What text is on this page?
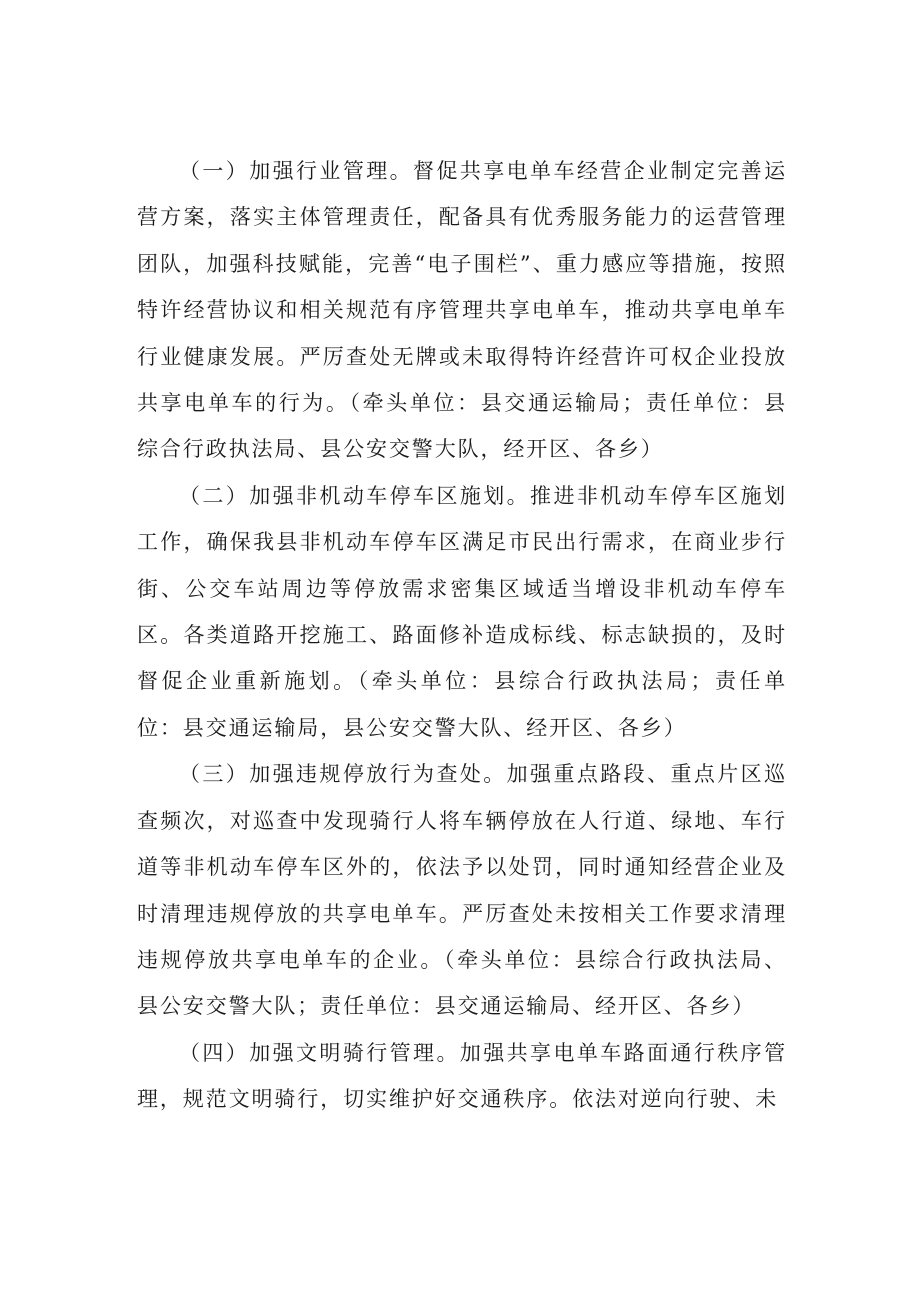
（一）加强行业管理。督促共享电单车经营企业制定完善运营方案，落实主体管理责任，配备具有优秀服务能力的运营管理团队，加强科技赋能，完善“电子围栏”、重力感应等措施，按照特许经营协议和相关规范有序管理共享电单车，推动共享电单车行业健康发展。严厉查处无牌或未取得特许经营许可权企业投放共享电单车的行为。（牵头单位：县交通运输局；责任单位：县综合行政执法局、县公安交警大队，经开区、各乡）

（二）加强非机动车停车区施划。推进非机动车停车区施划工作，确保我县非机动车停车区满足市民出行需求，在商业步行街、公交车站周边等停放需求密集区域适当增设非机动车停车区。各类道路开挖施工、路面修补造成标线、标志缺损的，及时督促企业重新施划。（牵头单位：县综合行政执法局；责任单位：县交通运输局，县公安交警大队、经开区、各乡）

（三）加强违规停放行为查处。加强重点路段、重点片区巡查频次，对巡查中发现骑行人将车辆停放在人行道、绿地、车行道等非机动车停车区外的，依法予以处罚，同时通知经营企业及时清理违规停放的共享电单车。严厉查处未按相关工作要求清理违规停放共享电单车的企业。（牵头单位：县综合行政执法局、县公安交警大队；责任单位：县交通运输局、经开区、各乡）

（四）加强文明骑行管理。加强共享电单车路面通行秩序管理，规范文明骑行，切实维护好交通秩序。依法对逆向行驶、未
